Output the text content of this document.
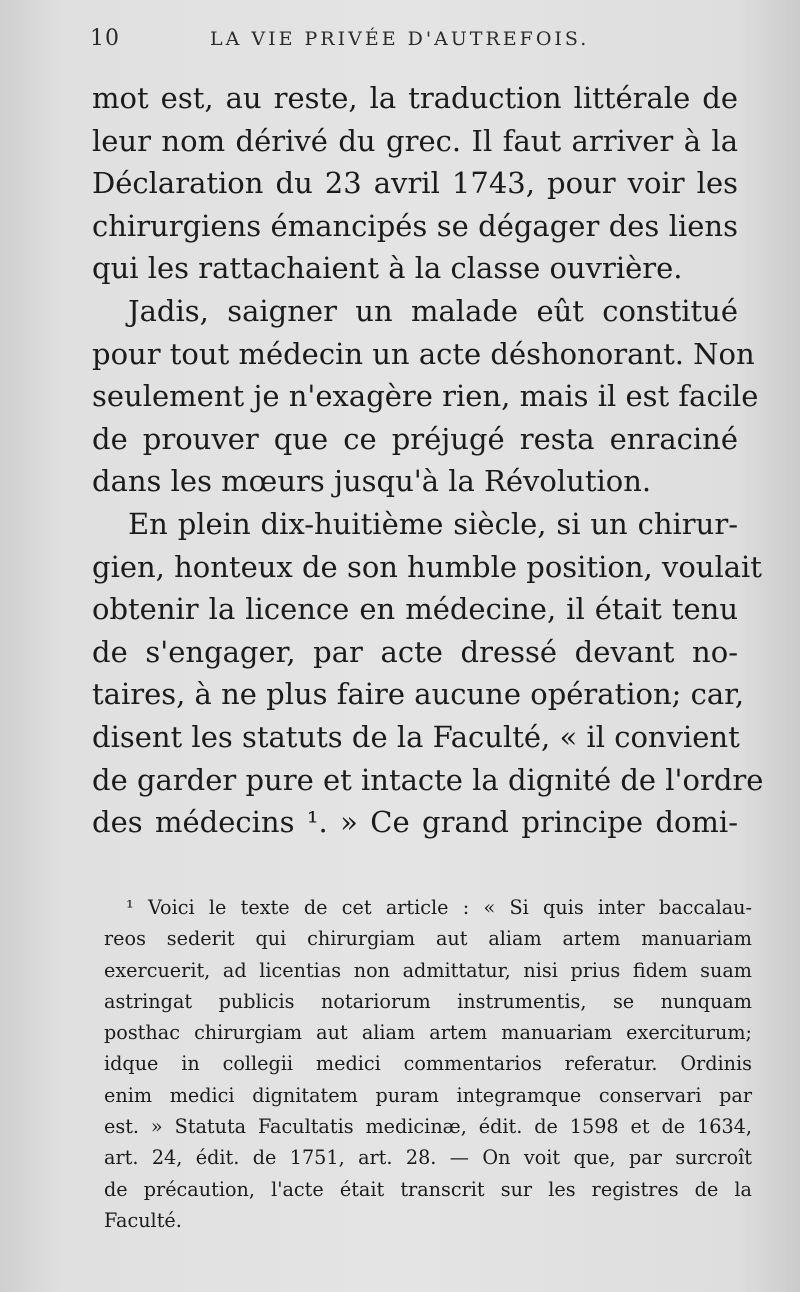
10	LA VIE PRIVÉE D'AUTREFOIS.
mot est, au reste, la traduction littérale de
leur nom dérivé du grec. Il faut arriver à la
Déclaration du 23 avril 1743, pour voir les
chirurgiens émancipés se dégager des liens
qui les rattachaient à la classe ouvrière.
Jadis, saigner un malade eût constitué
pour tout médecin un acte déshonorant. Non
seulement je n'exagère rien, mais il est facile
de prouver que ce préjugé resta enraciné
dans les mœurs jusqu'à la Révolution.
En plein dix-huitième siècle, si un chirur-
gien, honteux de son humble position, voulait
obtenir la licence en médecine, il était tenu
de s'engager, par acte dressé devant no-
taires, à ne plus faire aucune opération; car,
disent les statuts de la Faculté, « il convient
de garder pure et intacte la dignité de l'ordre
des médecins ¹. » Ce grand principe domi-
¹ Voici le texte de cet article : « Si quis inter baccalau-
reos sederit qui chirurgiam aut aliam artem manuariam
exercuerit, ad licentias non admittatur, nisi prius fidem suam
astringat publicis notariorum instrumentis, se nunquam
posthac chirurgiam aut aliam artem manuariam exerciturum;
idque in collegii medici commentarios referatur. Ordinis
enim medici dignitatem puram integramque conservari par
est. » Statuta Facultatis medicinæ, édit. de 1598 et de 1634,
art. 24, édit. de 1751, art. 28. — On voit que, par surcroît
de précaution, l'acte était transcrit sur les registres de la
Faculté.
